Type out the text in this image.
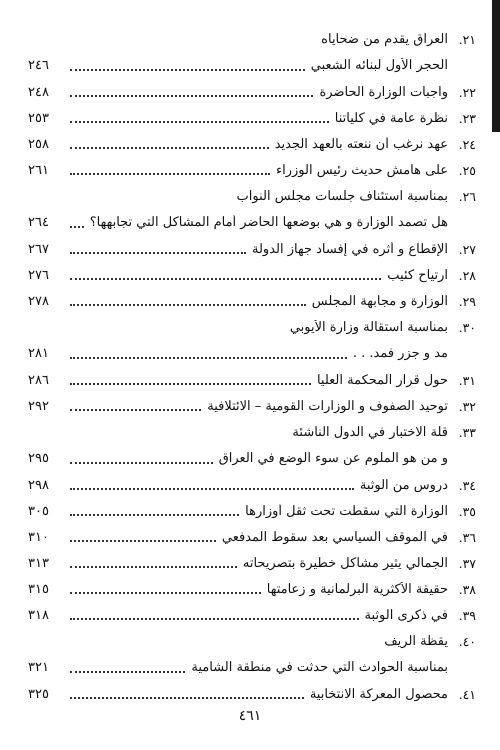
٢١.
العراق يقدم من ضحاياه
الحجر الأول لبنائه الشعبي
٢٤٦
٢٢.
واجبات الوزارة الحاضرة
٢٤٨
٢٣.
نظرة عامة في كلياتنا
٢٥٣
٢٤.
عهد نرغب أن ننعته بالعهد الجديد
٢٥٨
٢٥.
على هامش حديث رئيس الوزراء
٢٦١
٢٦.
بمناسبة استئناف جلسات مجلس النواب
هل تصمد الوزارة و هي بوضعها الحاضر أمام المشاكل التي تجابهها؟
٢٦٤
٢٧.
الإقطاع و أثره في إفساد جهاز الدولة
٢٦٧
٢٨.
ارتياح كئيب
٢٧٦
٢٩.
الوزارة و مجابهة المجلس
٢٧٨
٣٠.
بمناسبة استقالة وزارة الأيوبي
مد و جزر فمد. . .
٢٨١
٣١.
حول قرار المحكمة العليا
٢٨٦
٣٢.
توحيد الصفوف و الوزارات القومية – الائتلافية
٢٩٢
٣٣.
قلة الاختبار في الدول الناشئة
و من هو الملوم عن سوء الوضع في العراق
٢٩٥
٣٤.
دروس من الوثبة
٢٩٨
٣٥.
الوزارة التي سقطت تحت ثقل أوزارها
٣٠٥
٣٦.
في الموقف السياسي بعد سقوط المدفعي
٣١٠
٣٧.
الجمالي يثير مشاكل خطيرة بتصريحاته
٣١٣
٣٨.
حقيقة الأكثرية البرلمانية و زعامتها
٣١٥
٣٩.
في ذكرى الوثبة
٣١٨
٤٠.
يقظة الريف
بمناسبة الحوادث التي حدثت في منطقة الشامية
٣٢١
٤١.
محصول المعركة الانتخابية
٣٢٥
٤٦١
